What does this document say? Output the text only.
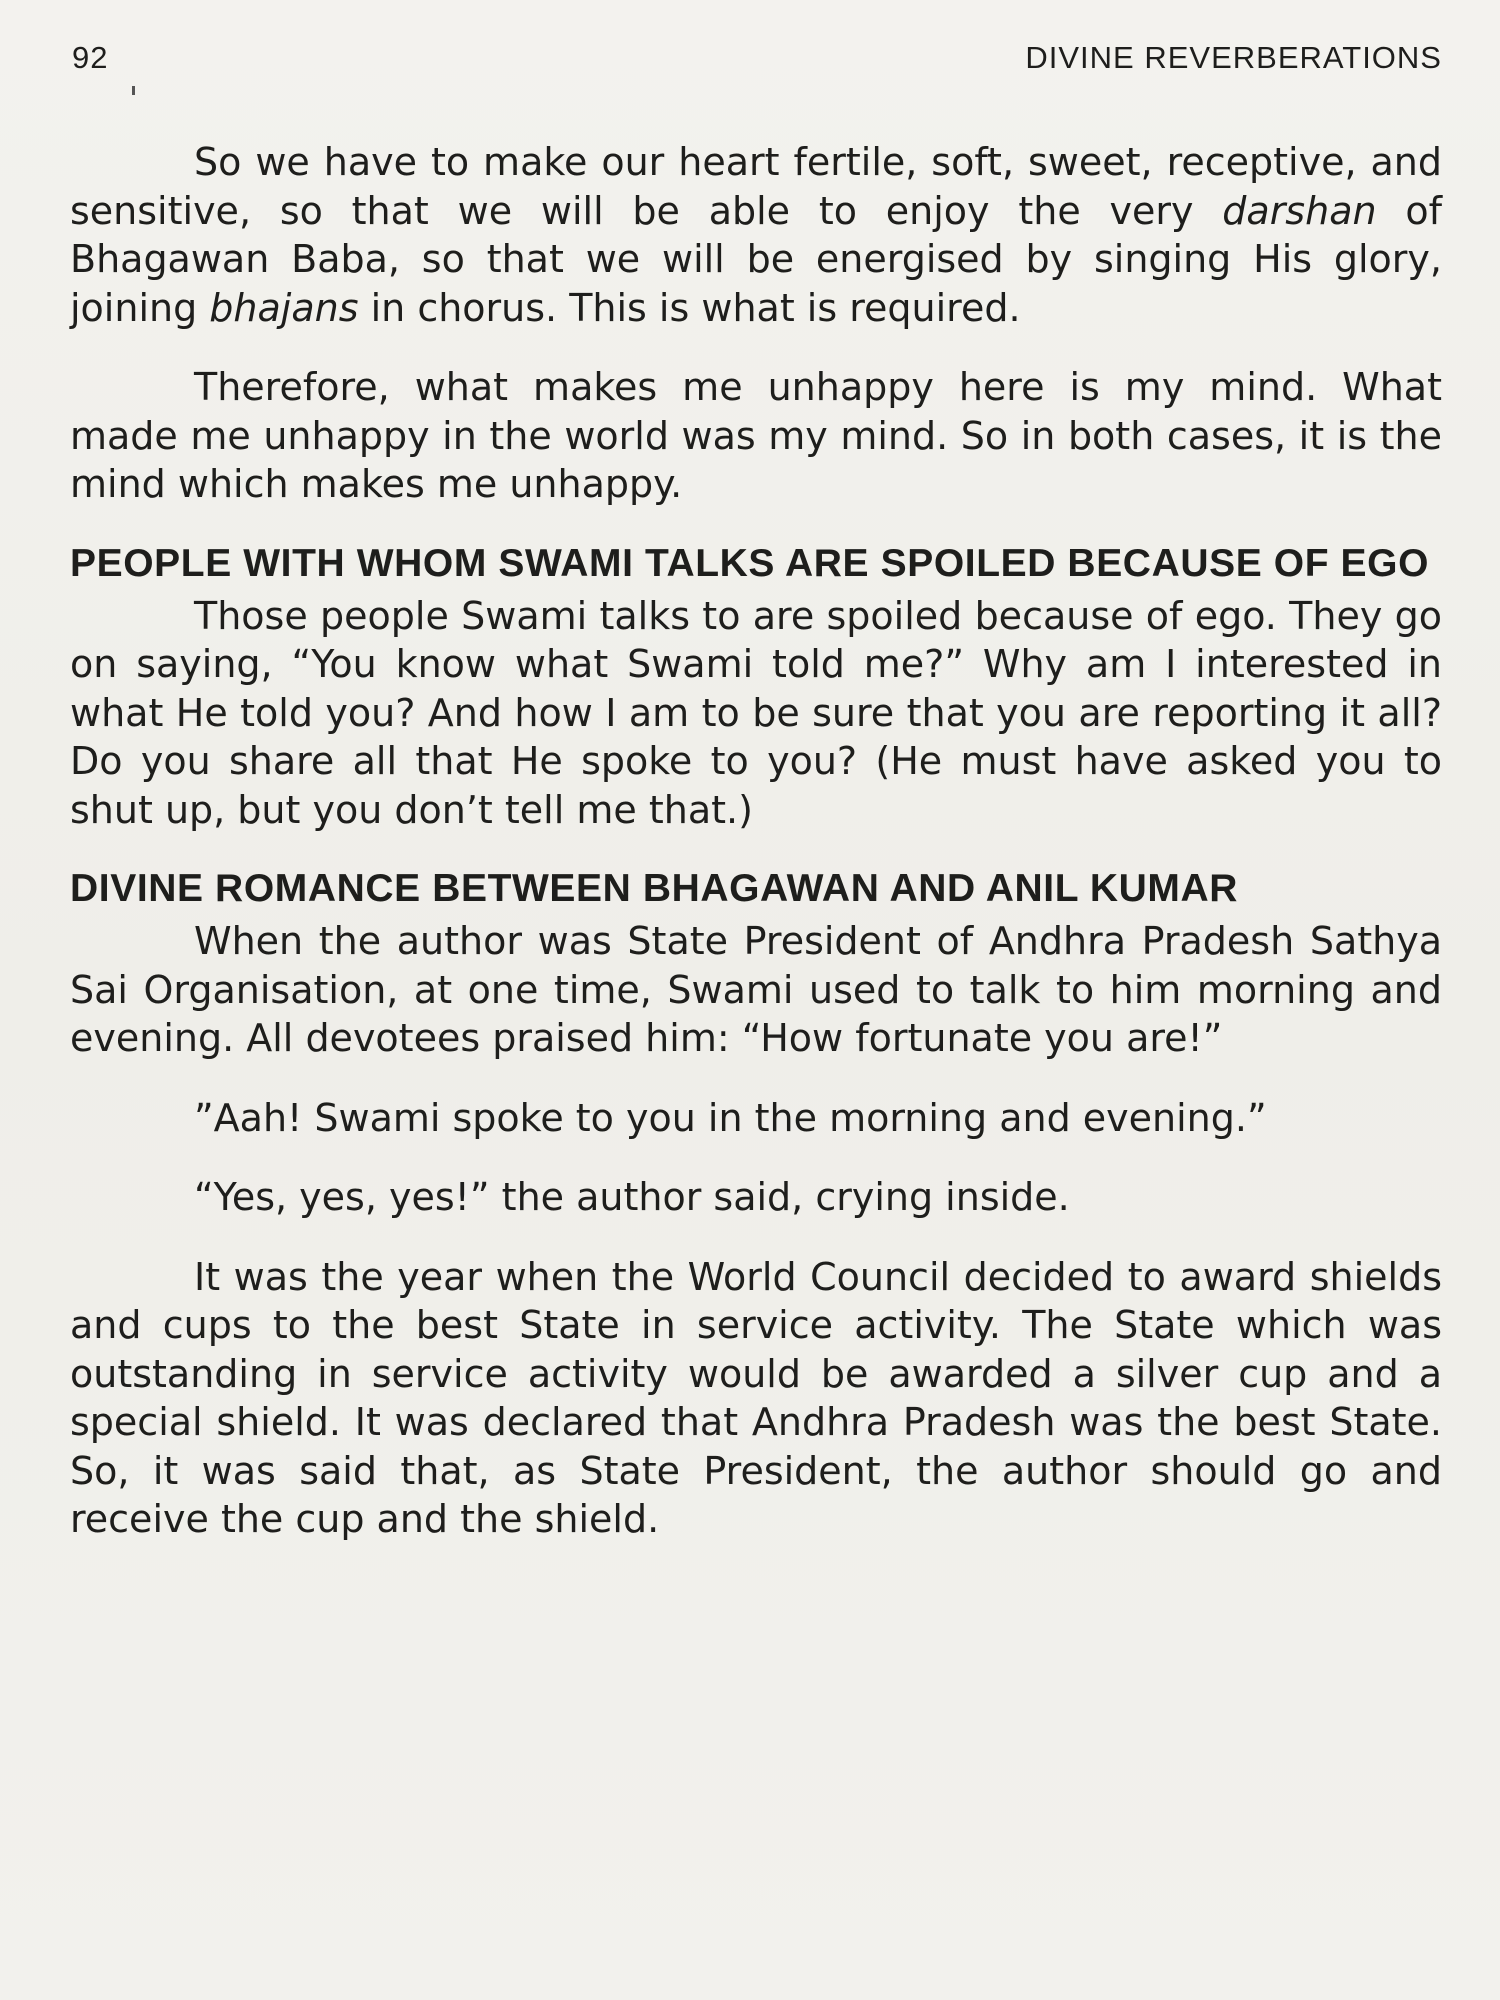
92	DIVINE REVERBERATIONS

So we have to make our heart fertile, soft, sweet, receptive, and sensitive, so that we will be able to enjoy the very darshan of Bhagawan Baba, so that we will be energised by singing His glory, joining bhajans in chorus. This is what is required.

Therefore, what makes me unhappy here is my mind. What made me unhappy in the world was my mind. So in both cases, it is the mind which makes me unhappy.

PEOPLE WITH WHOM SWAMI TALKS ARE SPOILED BECAUSE OF EGO

Those people Swami talks to are spoiled because of ego. They go on saying, “You know what Swami told me?” Why am I interested in what He told you? And how I am to be sure that you are reporting it all? Do you share all that He spoke to you? (He must have asked you to shut up, but you don’t tell me that.)

DIVINE ROMANCE BETWEEN BHAGAWAN AND ANIL KUMAR

When the author was State President of Andhra Pradesh Sathya Sai Organisation, at one time, Swami used to talk to him morning and evening. All devotees praised him: “How fortunate you are!”

”Aah! Swami spoke to you in the morning and evening.”

“Yes, yes, yes!” the author said, crying inside.

It was the year when the World Council decided to award shields and cups to the best State in service activity. The State which was outstanding in service activity would be awarded a silver cup and a special shield. It was declared that Andhra Pradesh was the best State. So, it was said that, as State President, the author should go and receive the cup and the shield.
